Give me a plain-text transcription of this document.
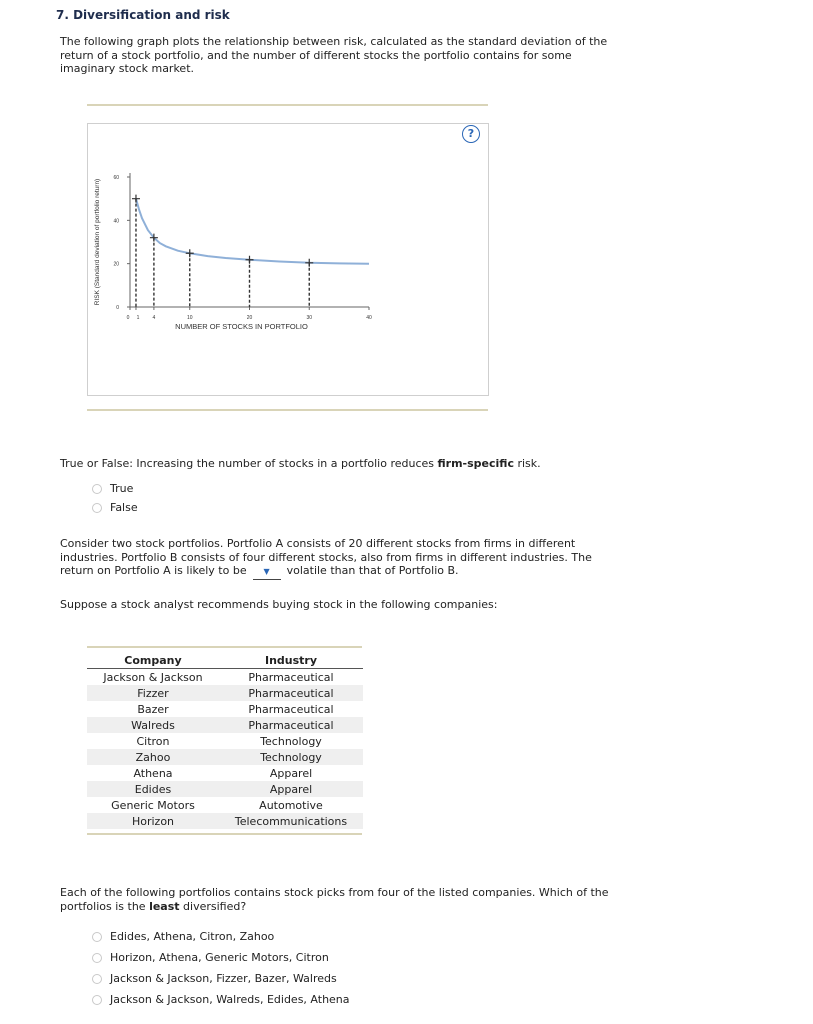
7. Diversification and risk
The following graph plots the relationship between risk, calculated as the standard deviation of the
return of a stock portfolio, and the number of different stocks the portfolio contains for some
imaginary stock market.
?
0
20
40
60
0 1	4	10	20	30	40
NUMBER OF STOCKS IN PORTFOLIO
RISK (Standard deviation of portfolio return)
True or False: Increasing the number of stocks in a portfolio reduces firm-specific risk.
True
False
Consider two stock portfolios. Portfolio A consists of 20 different stocks from firms in different
industries. Portfolio B consists of four different stocks, also from firms in different industries. The
return on Portfolio A is likely to be ▼ volatile than that of Portfolio B.
Suppose a stock analyst recommends buying stock in the following companies:
Company	Industry
Jackson & Jackson	Pharmaceutical
Fizzer	Pharmaceutical
Bazer	Pharmaceutical
Walreds	Pharmaceutical
Citron	Technology
Zahoo	Technology
Athena	Apparel
Edides	Apparel
Generic Motors	Automotive
Horizon	Telecommunications
Each of the following portfolios contains stock picks from four of the listed companies. Which of the
portfolios is the least diversified?
Edides, Athena, Citron, Zahoo
Horizon, Athena, Generic Motors, Citron
Jackson & Jackson, Fizzer, Bazer, Walreds
Jackson & Jackson, Walreds, Edides, Athena
